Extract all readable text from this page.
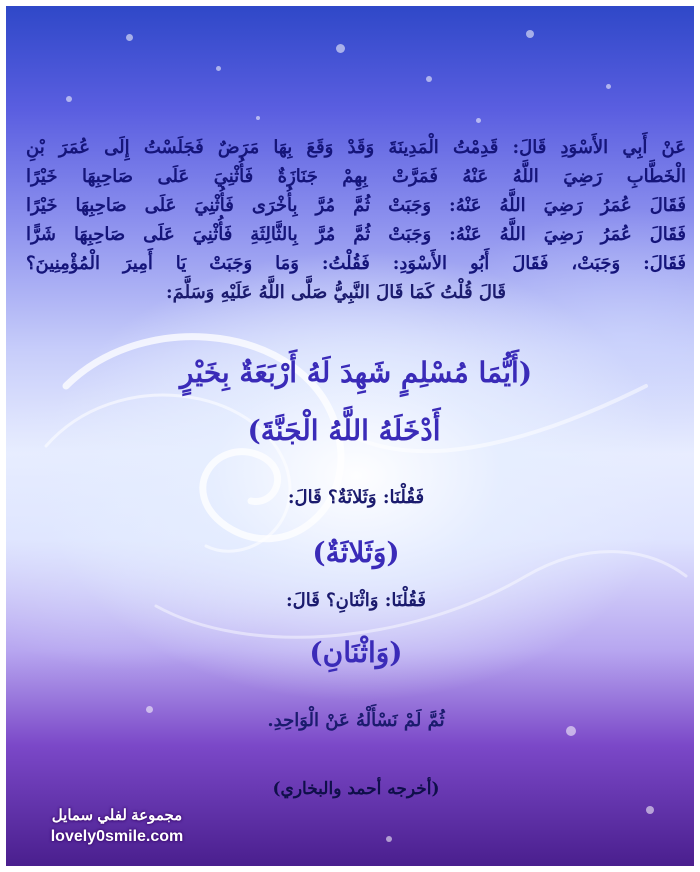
عَنْ أَبِي الأَسْوَدِ قَالَ: قَدِمْتُ الْمَدِينَةَ وَقَدْ وَقَعَ بِهَا مَرَضٌ فَجَلَسْتُ إِلَى عُمَرَ بْنِ
الْخَطَّابِ رَضِيَ اللَّهُ عَنْهُ فَمَرَّتْ بِهِمْ جَنَازَةٌ فَأُثْنِيَ عَلَى صَاحِبِهَا خَيْرًا
فَقَالَ عُمَرُ رَضِيَ اللَّهُ عَنْهُ: وَجَبَتْ ثُمَّ مُرَّ بِأُخْرَى فَأُثْنِيَ عَلَى صَاحِبِهَا خَيْرًا
فَقَالَ عُمَرُ رَضِيَ اللَّهُ عَنْهُ: وَجَبَتْ ثُمَّ مُرَّ بِالثَّالِثَةِ فَأُثْنِيَ عَلَى صَاحِبِهَا شَرًّا
فَقَالَ: وَجَبَتْ، فَقَالَ أَبُو الأَسْوَدِ: فَقُلْتُ: وَمَا وَجَبَتْ يَا أَمِيرَ الْمُؤْمِنِينَ؟
قَالَ قُلْتُ كَمَا قَالَ النَّبِيُّ صَلَّى اللَّهُ عَلَيْهِ وَسَلَّمَ:
(أَيُّمَا مُسْلِمٍ شَهِدَ لَهُ أَرْبَعَةٌ بِخَيْرٍ
أَدْخَلَهُ اللَّهُ الْجَنَّةَ)
فَقُلْنَا: وَثَلاثَةٌ؟ قَالَ:
(وَثَلاثَةٌ)
فَقُلْنَا: وَاثْنَانِ؟ قَالَ:
(وَاثْنَانِ)
ثُمَّ لَمْ نَسْأَلْهُ عَنْ الْوَاحِدِ.
(أخرجه أحمد والبخاري)
مجموعة لفلي سمايل
lovely0smile.com
